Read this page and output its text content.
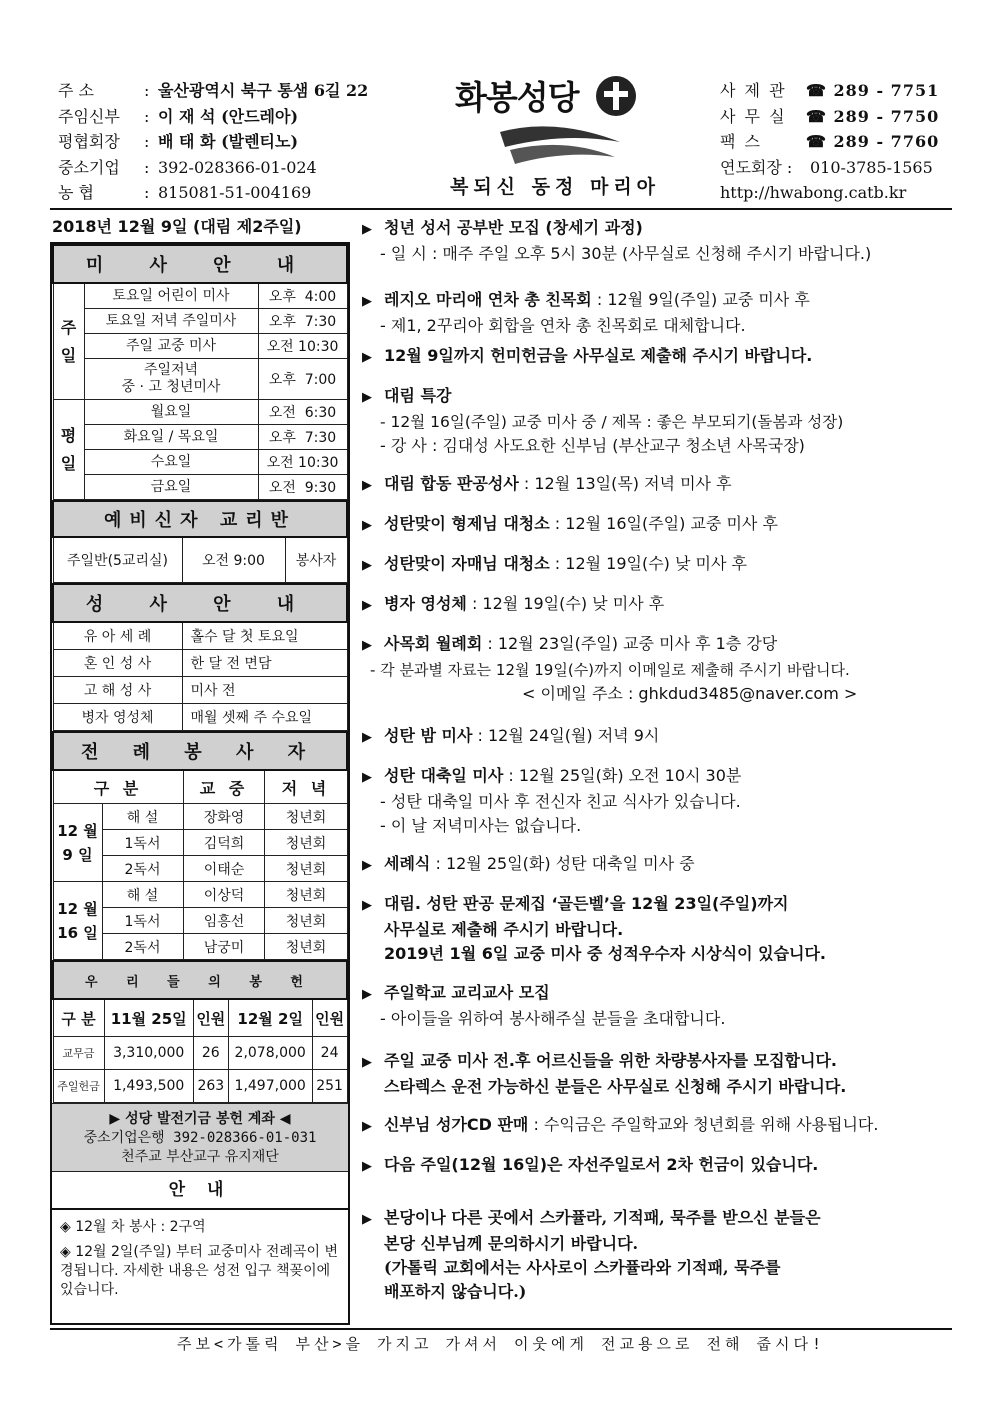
주 소	: 울산광역시 북구 통샘 6길 22
주임신부	: 이 재 석 (안드레아)
평협회장	: 배 태 화 (발렌티노)
중소기업	: 392-028366-01-024
농 협	: 815081-51-004169
화봉성당
복되신 동정 마리아
사 제 관 ☎ 289 - 7751
사 무 실 ☎ 289 - 7750
팩 스	☎ 289 - 7760
연도회장 : 010-3785-1565
http://hwabong.catb.kr
2018년 12월 9일 (대림 제2주일)
미 사 안 내		
주
일	토요일 어린이 미사	오후  4:00
	토요일 저녁 주일미사	오후  7:30
	주일 교중 미사	오전 10:30
	주일저녁
중 · 고 청년미사	오후  7:00
평
일	월요일	오전  6:30
	화요일 / 목요일	오후  7:30
	수요일	오전 10:30
	금요일	오전  9:30
예비신자 교리반
주일반(5교리실)	오전 9:00	봉사자
성 사 안 내	
유 아 세 례	홀수 달 첫 토요일
혼 인 성 사	한 달 전 면담
고 해 성 사	미사 전
병자 영성체	매월 셋째 주 수요일
전 례 봉 사 자			
구 분		교 중	저 녁
12 월
9 일	해 설	장화영	청년회
	1독서	김덕희	청년회
	2독서	이태순	청년회
12 월
16 일	해 설	이상덕	청년회
	1독서	임흥선	청년회
	2독서	남궁미	청년회
우 리 들 의 봉 헌				
구 분	11월 25일	인원	12월 2일	인원
교무금	3,310,000	26	2,078,000	24
주일헌금	1,493,500	263	1,497,000	251
▶ 성당 발전기금 봉헌 계좌 ◀
중소기업은행 392-028366-01-031
천주교 부산교구 유지재단
안 내
◈ 12월 차 봉사 : 2구역
◈ 12월 2일(주일) 부터 교중미사 전례곡이 변경됩니다. 자세한 내용은 성전 입구 책꽂이에 있습니다.
▶ 청년 성서 공부반 모집 (창세기 과정)
- 일 시 : 매주 주일 오후 5시 30분 (사무실로 신청해 주시기 바랍니다.)
▶ 레지오 마리애 연차 총 친목회 : 12월 9일(주일) 교중 미사 후
- 제1, 2꾸리아 회합을 연차 총 친목회로 대체합니다.
▶ 12월 9일까지 헌미헌금을 사무실로 제출해 주시기 바랍니다.
▶ 대림 특강
- 12월 16일(주일) 교중 미사 중 / 제목 : 좋은 부모되기(돌봄과 성장)
- 강 사 : 김대성 사도요한 신부님 (부산교구 청소년 사목국장)
▶ 대림 합동 판공성사 : 12월 13일(목) 저녁 미사 후
▶ 성탄맞이 형제님 대청소 : 12월 16일(주일) 교중 미사 후
▶ 성탄맞이 자매님 대청소 : 12월 19일(수) 낮 미사 후
▶ 병자 영성체 : 12월 19일(수) 낮 미사 후
▶ 사목회 월례회 : 12월 23일(주일) 교중 미사 후 1층 강당
- 각 분과별 자료는 12월 19일(수)까지 이메일로 제출해 주시기 바랍니다.
< 이메일 주소 : ghkdud3485@naver.com >
▶ 성탄 밤 미사 : 12월 24일(월) 저녁 9시
▶ 성탄 대축일 미사 : 12월 25일(화) 오전 10시 30분
- 성탄 대축일 미사 후 전신자 친교 식사가 있습니다.
- 이 날 저녁미사는 없습니다.
▶ 세례식 : 12월 25일(화) 성탄 대축일 미사 중
▶ 대림. 성탄 판공 문제집 ‘골든벨’을 12월 23일(주일)까지
사무실로 제출해 주시기 바랍니다.
2019년 1월 6일 교중 미사 중 성적우수자 시상식이 있습니다.
▶ 주일학교 교리교사 모집
- 아이들을 위하여 봉사해주실 분들을 초대합니다.
▶ 주일 교중 미사 전.후 어르신들을 위한 차량봉사자를 모집합니다.
스타렉스 운전 가능하신 분들은 사무실로 신청해 주시기 바랍니다.
▶ 신부님 성가CD 판매 : 수익금은 주일학교와 청년회를 위해 사용됩니다.
▶ 다음 주일(12월 16일)은 자선주일로서 2차 헌금이 있습니다.
▶ 본당이나 다른 곳에서 스카퓰라, 기적패, 묵주를 받으신 분들은
본당 신부님께 문의하시기 바랍니다.
(가톨릭 교회에서는 사사로이 스카퓰라와 기적패, 묵주를
배포하지 않습니다.)
주보<가톨릭 부산>을 가지고 가셔서 이웃에게 전교용으로 전해 줍시다!
